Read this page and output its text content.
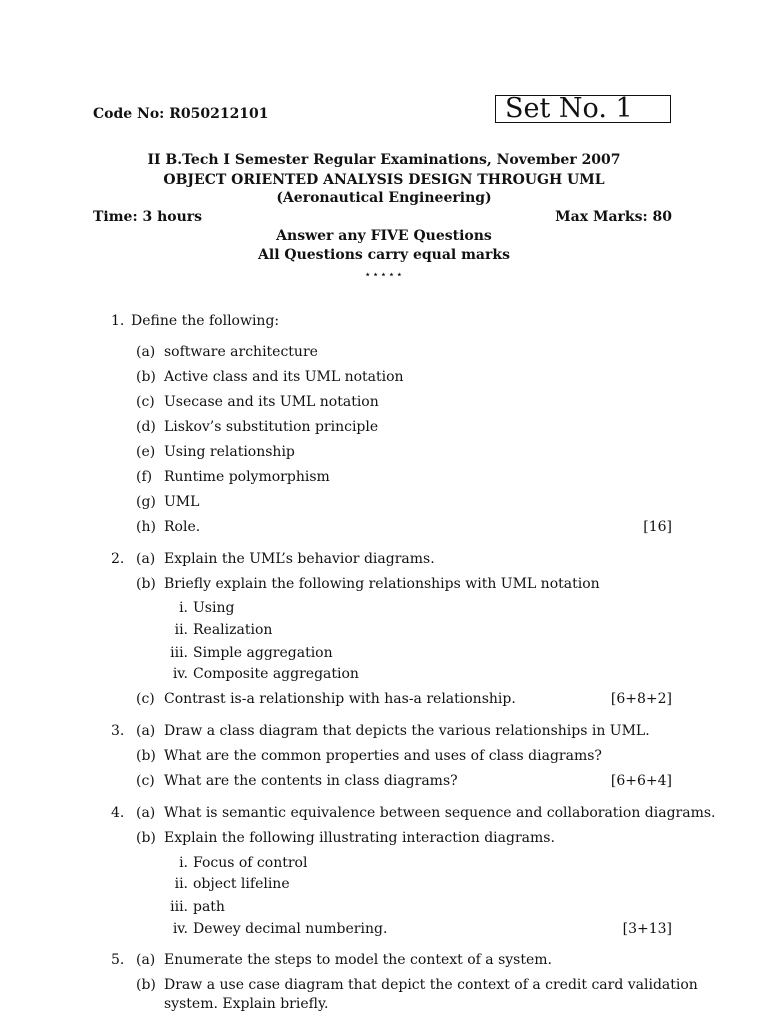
Code No: R050212101	Set No. 1
II B.Tech I Semester Regular Examinations, November 2007
OBJECT ORIENTED ANALYSIS DESIGN THROUGH UML
(Aeronautical Engineering)
Time: 3 hours	Max Marks: 80
Answer any FIVE Questions
All Questions carry equal marks
⋆⋆⋆⋆⋆
1. Define the following:
(a) software architecture
(b) Active class and its UML notation
(c) Usecase and its UML notation
(d) Liskov’s substitution principle
(e) Using relationship
(f) Runtime polymorphism
(g) UML
(h) Role.	[16]
2. (a) Explain the UML’s behavior diagrams.
(b) Briefly explain the following relationships with UML notation
i. Using
ii. Realization
iii. Simple aggregation
iv. Composite aggregation
(c) Contrast is-a relationship with has-a relationship.	[6+8+2]
3. (a) Draw a class diagram that depicts the various relationships in UML.
(b) What are the common properties and uses of class diagrams?
(c) What are the contents in class diagrams?	[6+6+4]
4. (a) What is semantic equivalence between sequence and collaboration diagrams.
(b) Explain the following illustrating interaction diagrams.
i. Focus of control
ii. object lifeline
iii. path
iv. Dewey decimal numbering.	[3+13]
5. (a) Enumerate the steps to model the context of a system.
(b) Draw a use case diagram that depict the context of a credit card validation
system. Explain briefly.
